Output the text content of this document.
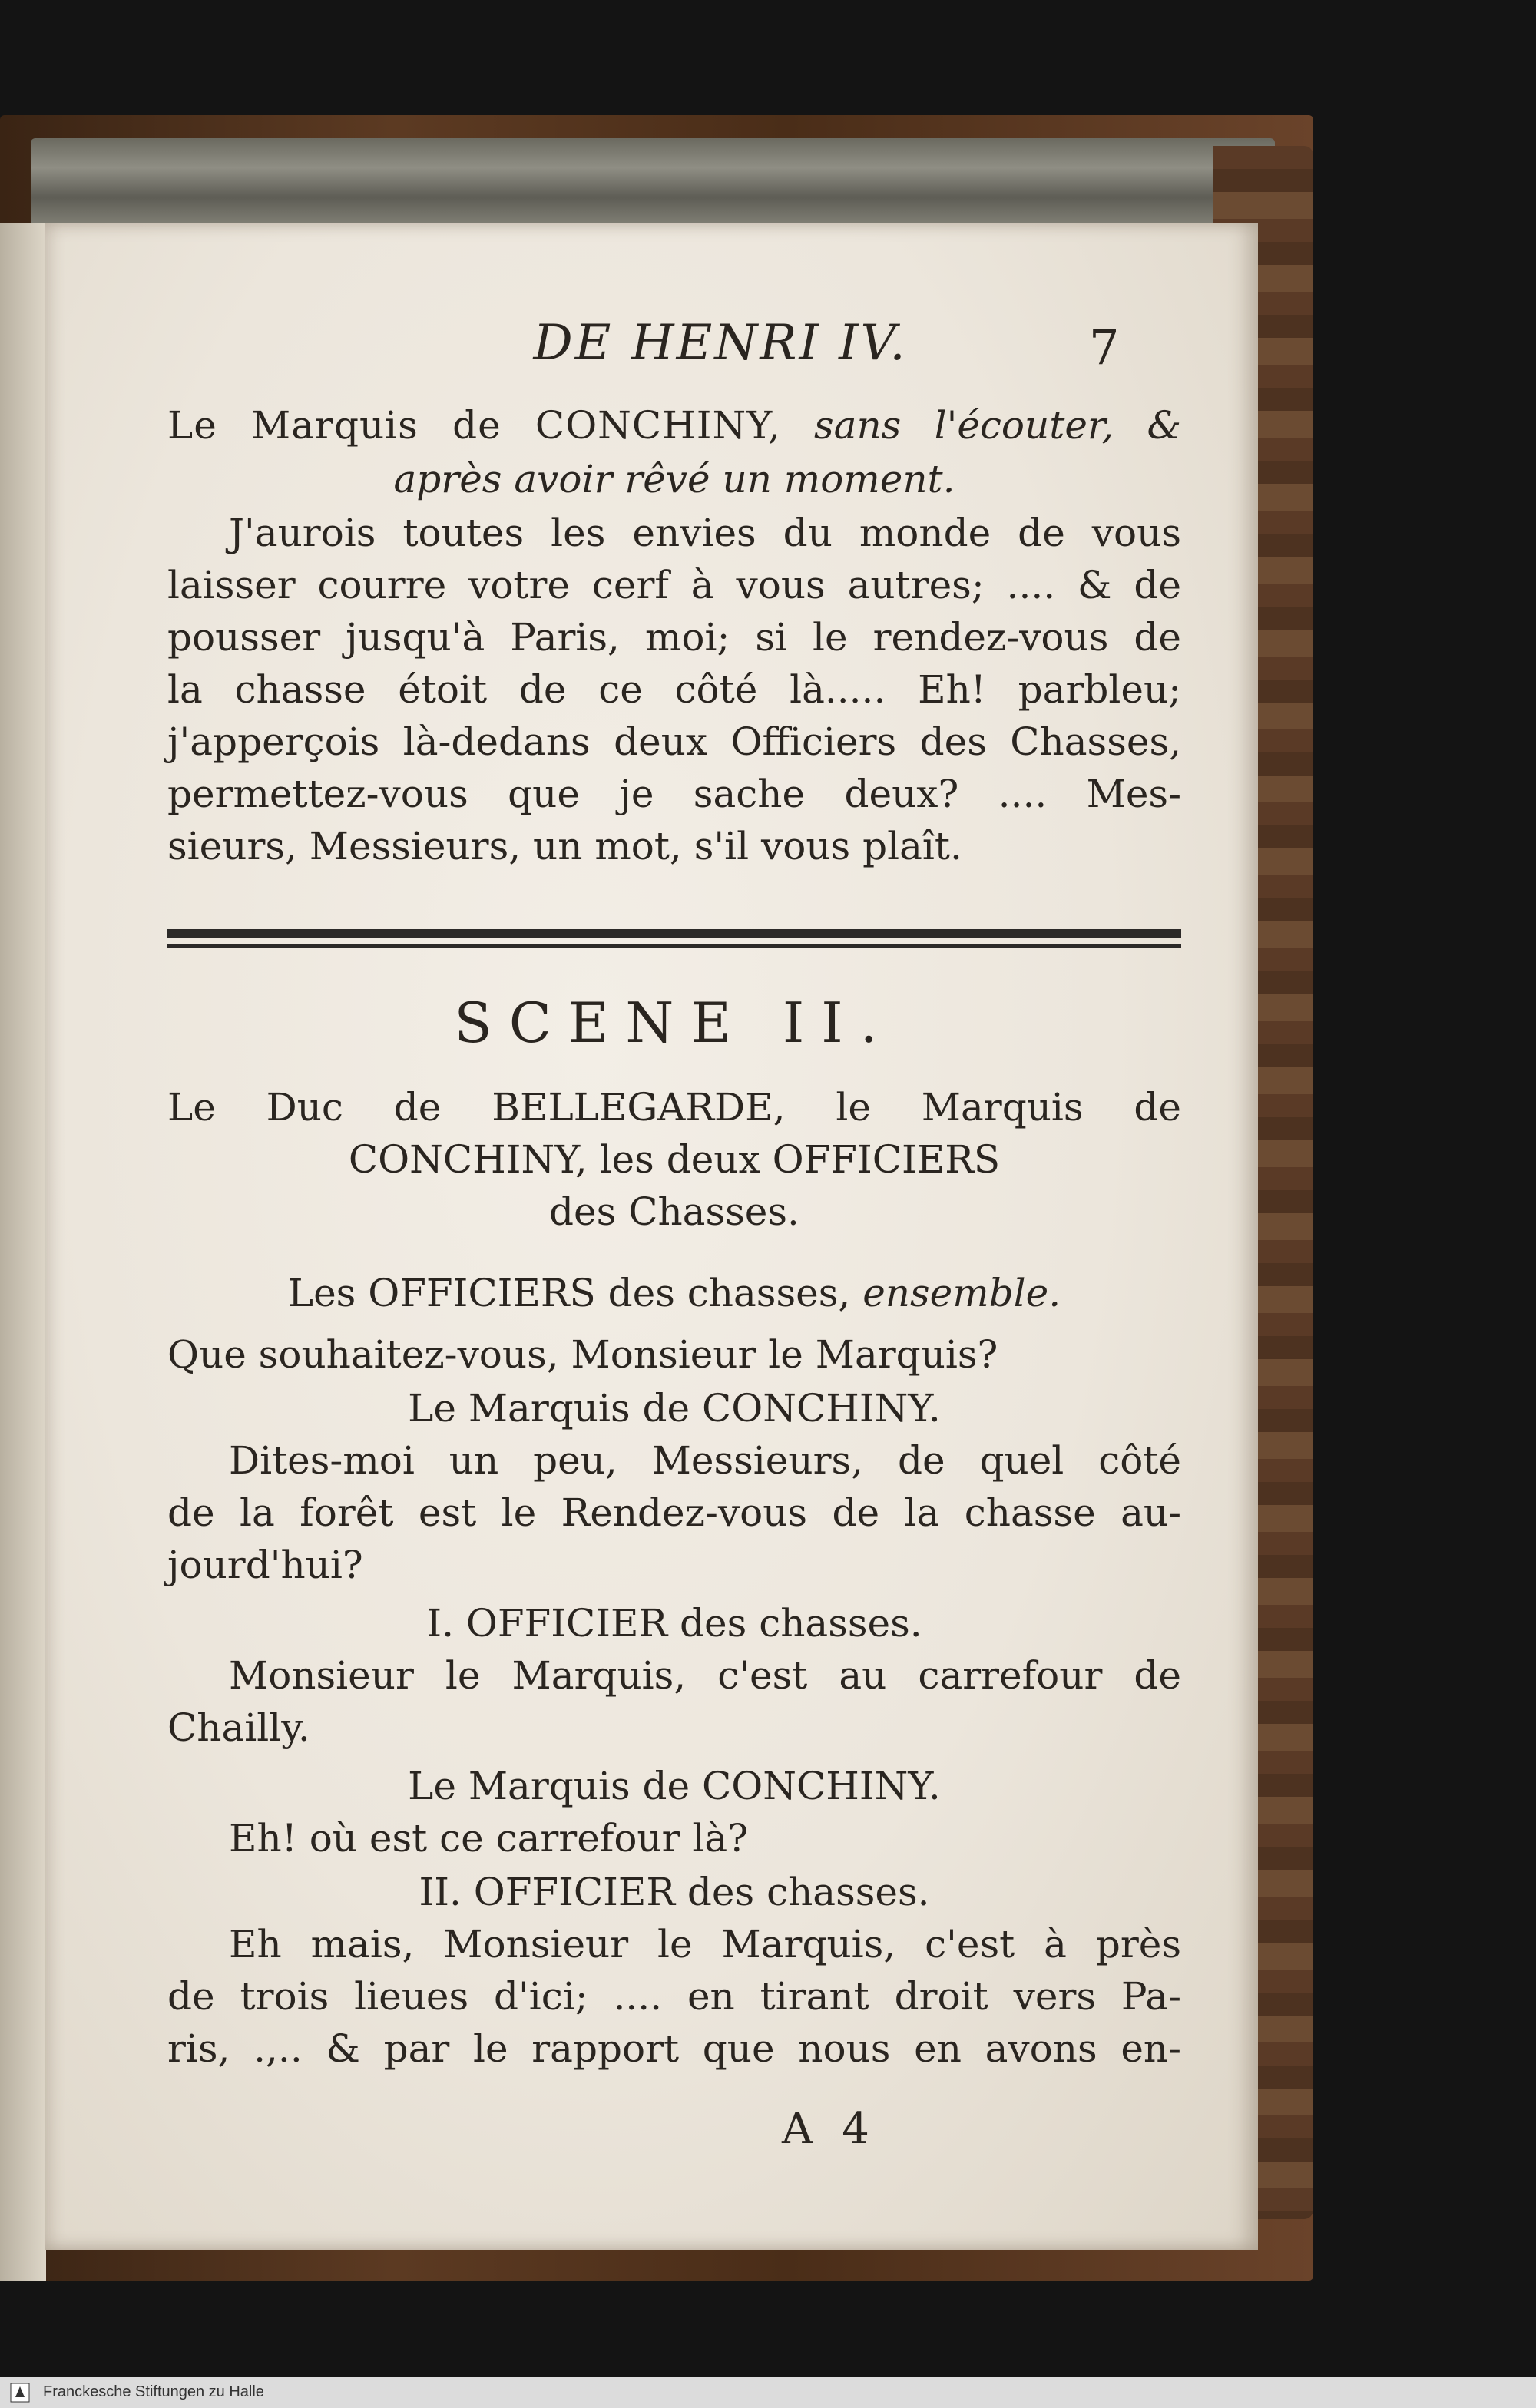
DE HENRI IV.	7
Le Marquis de CONCHINY, sans l'écouter, &
après avoir rêvé un moment.
J'aurois toutes les envies du monde de vous
laisser courre votre cerf à vous autres; .... & de
pousser jusqu'à Paris, moi; si le rendez-vous de
la chasse étoit de ce côté là..... Eh! parbleu;
j'apperçois là-dedans deux Officiers des Chasses,
permettez-vous que je sache deux? .... Mes-
sieurs, Messieurs, un mot, s'il vous plaît.
SCENE II.
Le Duc de BELLEGARDE, le Marquis de
CONCHINY, les deux OFFICIERS
des Chasses.
Les OFFICIERS des chasses, ensemble.
Que souhaitez-vous, Monsieur le Marquis?
Le Marquis de CONCHINY.
Dites-moi un peu, Messieurs, de quel côté
de la forêt est le Rendez-vous de la chasse au-
jourd'hui?
I. OFFICIER des chasses.
Monsieur le Marquis, c'est au carrefour de
Chailly.
Le Marquis de CONCHINY.
Eh! où est ce carrefour là?
II. OFFICIER des chasses.
Eh mais, Monsieur le Marquis, c'est à près
de trois lieues d'ici; .... en tirant droit vers Pa-
ris, .,.. & par le rapport que nous en avons en-
A 4
Franckesche Stiftungen zu Halle
